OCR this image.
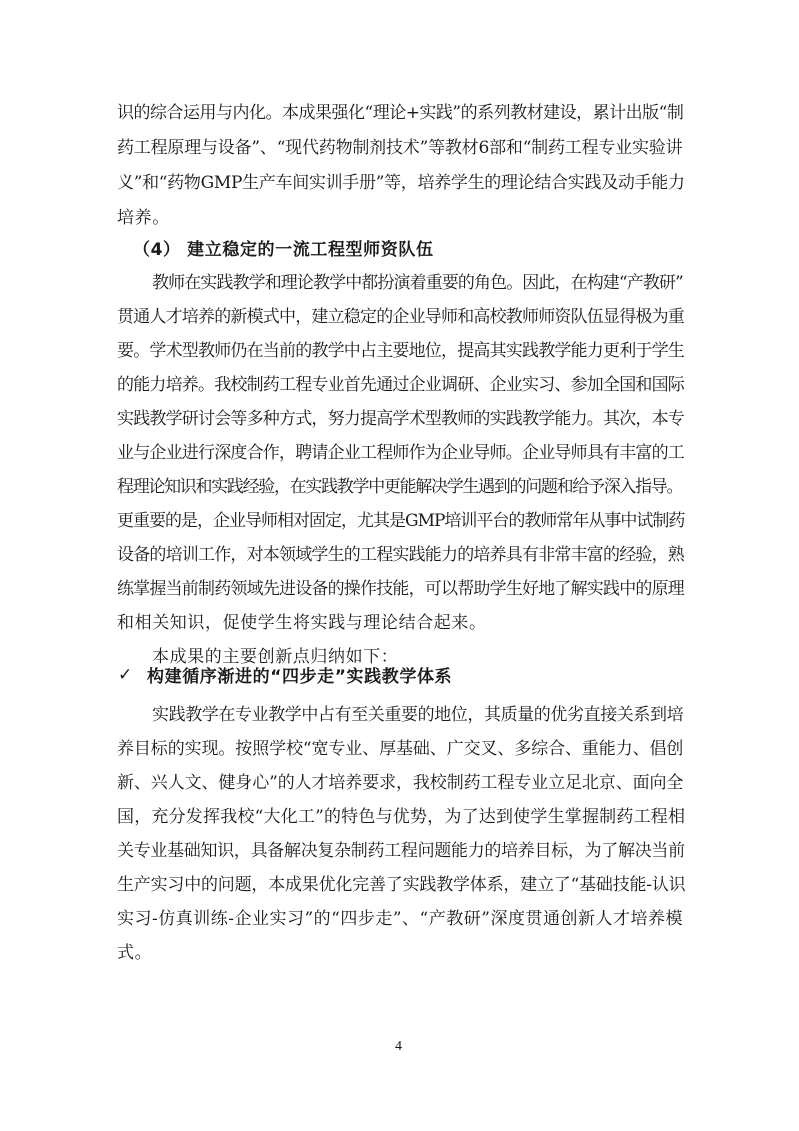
识的综合运用与内化。本成果强化“理论+实践”的系列教材建设，累计出版“制
药工程原理与设备”、“现代药物制剂技术”等教材6部和“制药工程专业实验讲
义”和“药物GMP生产车间实训手册”等，培养学生的理论结合实践及动手能力
培养。
（4） 建立稳定的一流工程型师资队伍
教师在实践教学和理论教学中都扮演着重要的角色。因此，在构建“产教研”
贯通人才培养的新模式中，建立稳定的企业导师和高校教师师资队伍显得极为重
要。学术型教师仍在当前的教学中占主要地位，提高其实践教学能力更利于学生
的能力培养。我校制药工程专业首先通过企业调研、企业实习、参加全国和国际
实践教学研讨会等多种方式，努力提高学术型教师的实践教学能力。其次，本专
业与企业进行深度合作，聘请企业工程师作为企业导师。企业导师具有丰富的工
程理论知识和实践经验，在实践教学中更能解决学生遇到的问题和给予深入指导。
更重要的是，企业导师相对固定，尤其是GMP培训平台的教师常年从事中试制药
设备的培训工作，对本领域学生的工程实践能力的培养具有非常丰富的经验，熟
练掌握当前制药领域先进设备的操作技能，可以帮助学生好地了解实践中的原理
和相关知识，促使学生将实践与理论结合起来。
本成果的主要创新点归纳如下：
✓ 构建循序渐进的“四步走”实践教学体系
实践教学在专业教学中占有至关重要的地位，其质量的优劣直接关系到培
养目标的实现。按照学校“宽专业、厚基础、广交叉、多综合、重能力、倡创
新、兴人文、健身心”的人才培养要求，我校制药工程专业立足北京、面向全
国，充分发挥我校“大化工”的特色与优势，为了达到使学生掌握制药工程相
关专业基础知识，具备解决复杂制药工程问题能力的培养目标，为了解决当前
生产实习中的问题，本成果优化完善了实践教学体系，建立了“基础技能-认识
实习-仿真训练-企业实习”的“四步走”、“产教研”深度贯通创新人才培养模
式。
4
